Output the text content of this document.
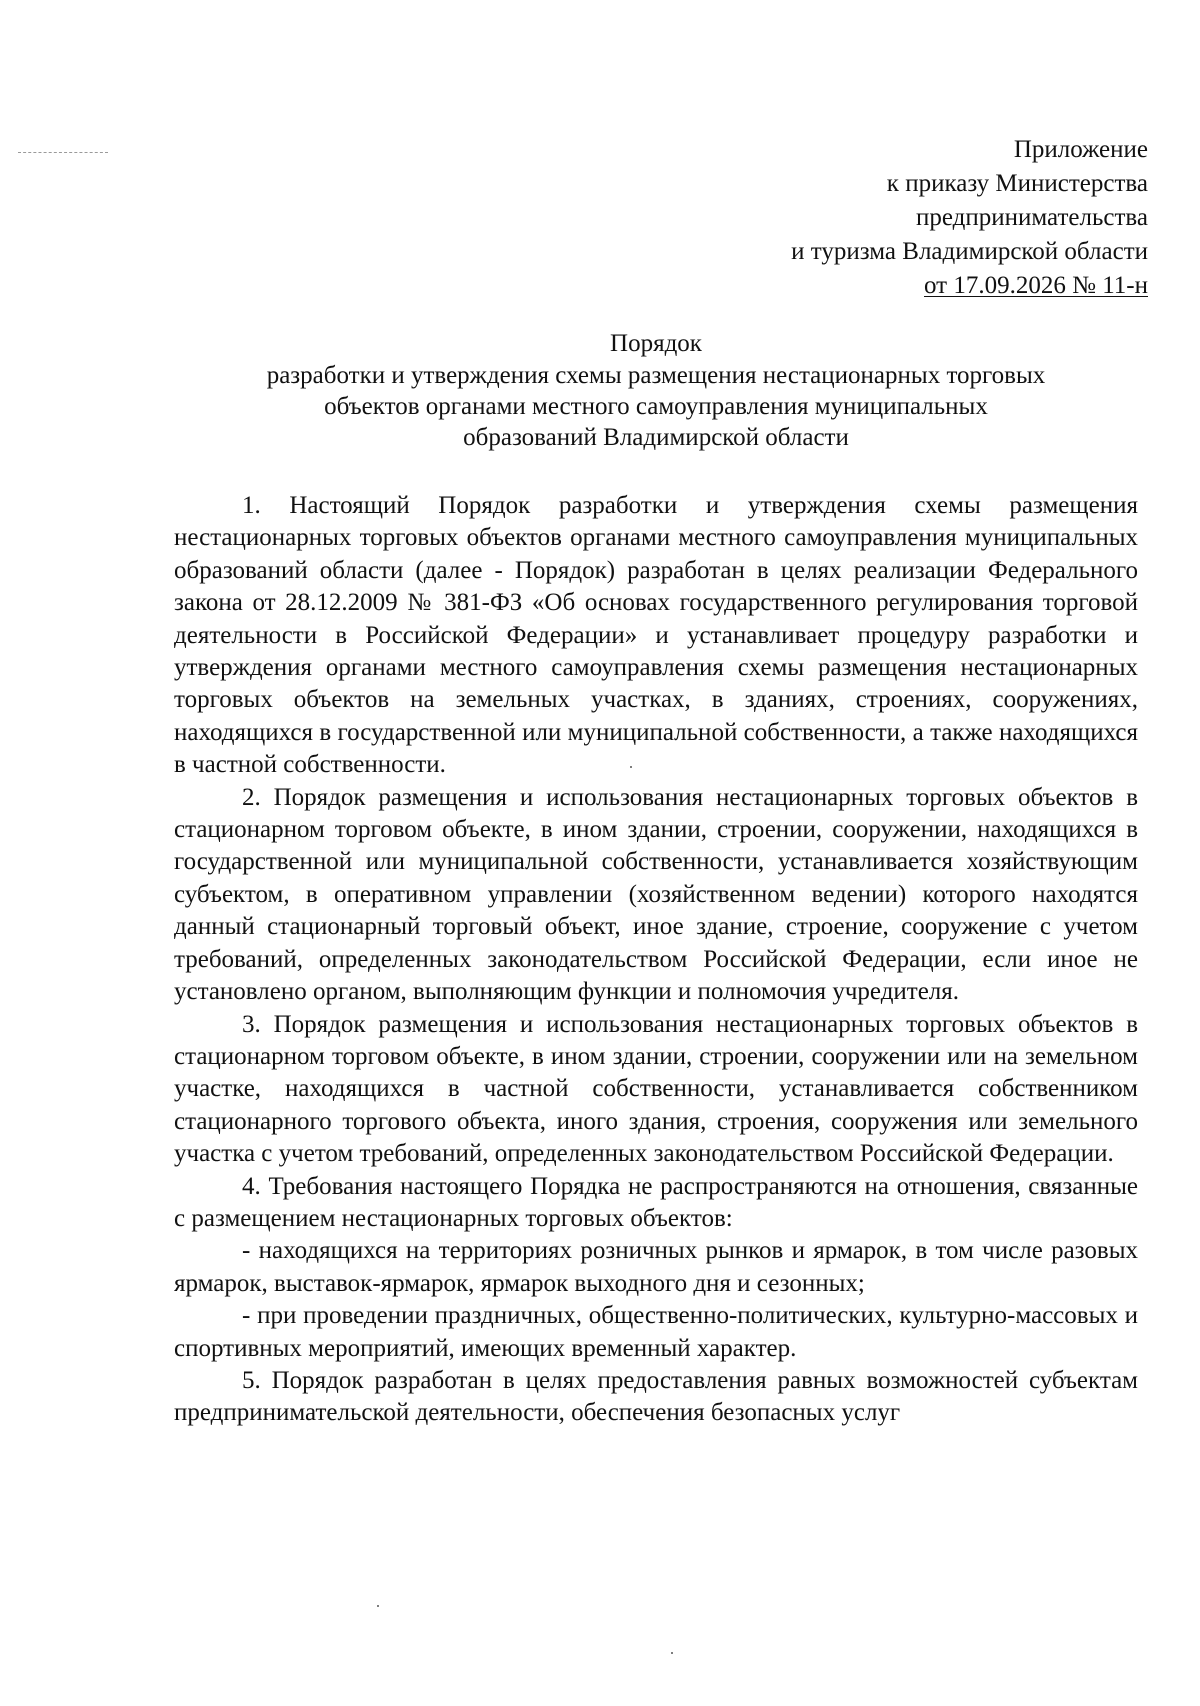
Приложение
к приказу Министерства
предпринимательства
и туризма Владимирской области
от 17.09.2026 № 11-н
Порядок
разработки и утверждения схемы размещения нестационарных торговых
объектов органами местного самоуправления муниципальных
образований Владимирской области

1. Настоящий Порядок разработки и утверждения схемы размещения нестационарных торговых объектов органами местного самоуправления муниципальных образований области (далее - Порядок) разработан в целях реализации Федерального закона от 28.12.2009 № 381-ФЗ «Об основах государственного регулирования торговой деятельности в Российской Федерации» и устанавливает процедуру разработки и утверждения органами местного самоуправления схемы размещения нестационарных торговых объектов на земельных участках, в зданиях, строениях, сооружениях, находящихся в государственной или муниципальной собственности, а также находящихся в частной собственности.

2. Порядок размещения и использования нестационарных торговых объектов в стационарном торговом объекте, в ином здании, строении, сооружении, находящихся в государственной или муниципальной собственности, устанавливается хозяйствующим субъектом, в оперативном управлении (хозяйственном ведении) которого находятся данный стационарный торговый объект, иное здание, строение, сооружение с учетом требований, определенных законодательством Российской Федерации, если иное не установлено органом, выполняющим функции и полномочия учредителя.

3. Порядок размещения и использования нестационарных торговых объектов в стационарном торговом объекте, в ином здании, строении, сооружении или на земельном участке, находящихся в частной собственности, устанавливается собственником стационарного торгового объекта, иного здания, строения, сооружения или земельного участка с учетом требований, определенных законодательством Российской Федерации.

4. Требования настоящего Порядка не распространяются на отношения, связанные с размещением нестационарных торговых объектов:

- находящихся на территориях розничных рынков и ярмарок, в том числе разовых ярмарок, выставок-ярмарок, ярмарок выходного дня и сезонных;

- при проведении праздничных, общественно-политических, культурно-массовых и спортивных мероприятий, имеющих временный характер.

5. Порядок разработан в целях предоставления равных возможностей субъектам предпринимательской деятельности, обеспечения безопасных услуг
